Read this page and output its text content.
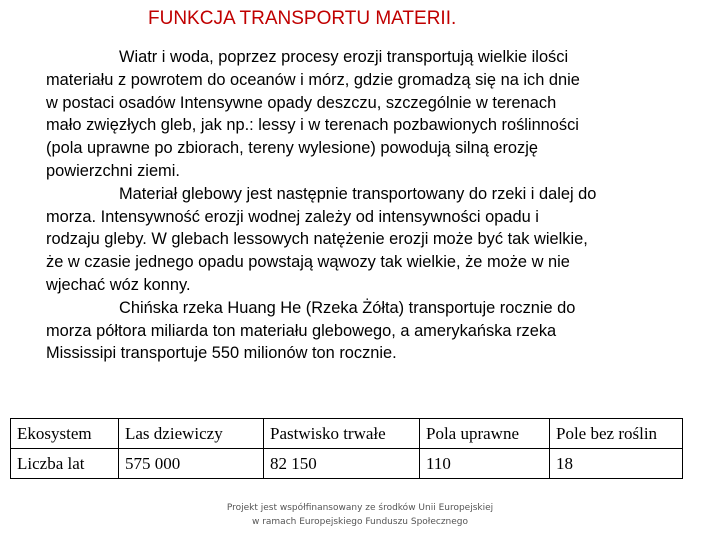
FUNKCJA TRANSPORTU MATERII.
Wiatr i woda, poprzez procesy erozji transportują wielkie ilości
materiału z powrotem do oceanów i mórz, gdzie gromadzą się na ich dnie
w postaci osadów Intensywne opady deszczu, szczególnie w terenach
mało zwięzłych gleb, jak np.: lessy i w terenach pozbawionych roślinności
(pola uprawne po zbiorach, tereny wylesione) powodują silną erozję
powierzchni ziemi.
Materiał glebowy jest następnie transportowany do rzeki i dalej do
morza. Intensywność erozji wodnej zależy od intensywności opadu i
rodzaju gleby. W glebach lessowych natężenie erozji może być tak wielkie,
że w czasie jednego opadu powstają wąwozy tak wielkie, że może w nie
wjechać wóz konny.
Chińska rzeka Huang He (Rzeka Żółta) transportuje rocznie do
morza półtora miliarda ton materiału glebowego, a amerykańska rzeka
Mississipi transportuje 550 milionów ton rocznie.
Ekosystem	Las dziewiczy	Pastwisko trwałe	Pola uprawne	Pole bez roślin
Liczba lat	575 000	82 150	110	18
Projekt jest współfinansowany ze środków Unii Europejskiej
w ramach Europejskiego Funduszu Społecznego
